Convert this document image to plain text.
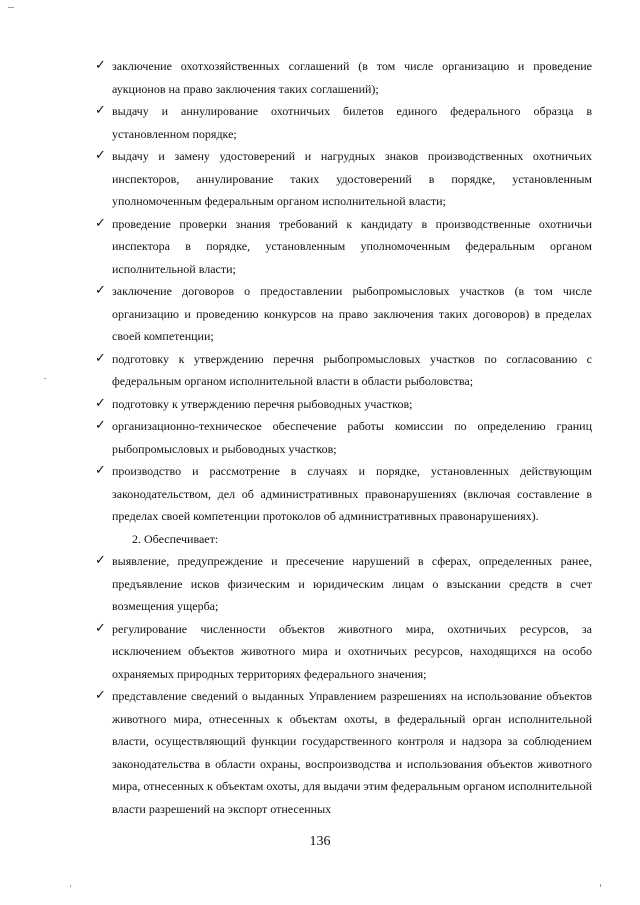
✓ заключение охотхозяйственных соглашений (в том числе организацию и проведение аукционов на право заключения таких соглашений);

✓ выдачу и аннулирование охотничьих билетов единого федерального образца в установленном порядке;

✓ выдачу и замену удостоверений и нагрудных знаков производственных охотничьих инспекторов, аннулирование таких удостоверений в порядке, установленным уполномоченным федеральным органом исполнительной власти;

✓ проведение проверки знания требований к кандидату в производственные охотничьи инспектора в порядке, установленным уполномоченным федеральным органом исполнительной власти;

✓ заключение договоров о предоставлении рыбопромысловых участков (в том числе организацию и проведению конкурсов на право заключения таких договоров) в пределах своей компетенции;

✓ подготовку к утверждению перечня рыбопромысловых участков по согласованию с федеральным органом исполнительной власти в области рыболовства;

✓ подготовку к утверждению перечня рыбоводных участков;

✓ организационно-техническое обеспечение работы комиссии по определению границ рыбопромысловых и рыбоводных участков;

✓ производство и рассмотрение в случаях и порядке, установленных действующим законодательством, дел об административных правонарушениях (включая составление в пределах своей компетенции протоколов об административных правонарушениях).

2. Обеспечивает:

✓ выявление, предупреждение и пресечение нарушений в сферах, определенных ранее, предъявление исков физическим и юридическим лицам о взыскании средств в счет возмещения ущерба;

✓ регулирование численности объектов животного мира, охотничьих ресурсов, за исключением объектов животного мира и охотничьих ресурсов, находящихся на особо охраняемых природных территориях федерального значения;

✓ представление сведений о выданных Управлением разрешениях на использование объектов животного мира, отнесенных к объектам охоты, в федеральный орган исполнительной власти, осуществляющий функции государственного контроля и надзора за соблюдением законодательства в области охраны, воспроизводства и использования объектов животного мира, отнесенных к объектам охоты, для выдачи этим федеральным органом исполнительной власти разрешений на экспорт отнесенных

136
